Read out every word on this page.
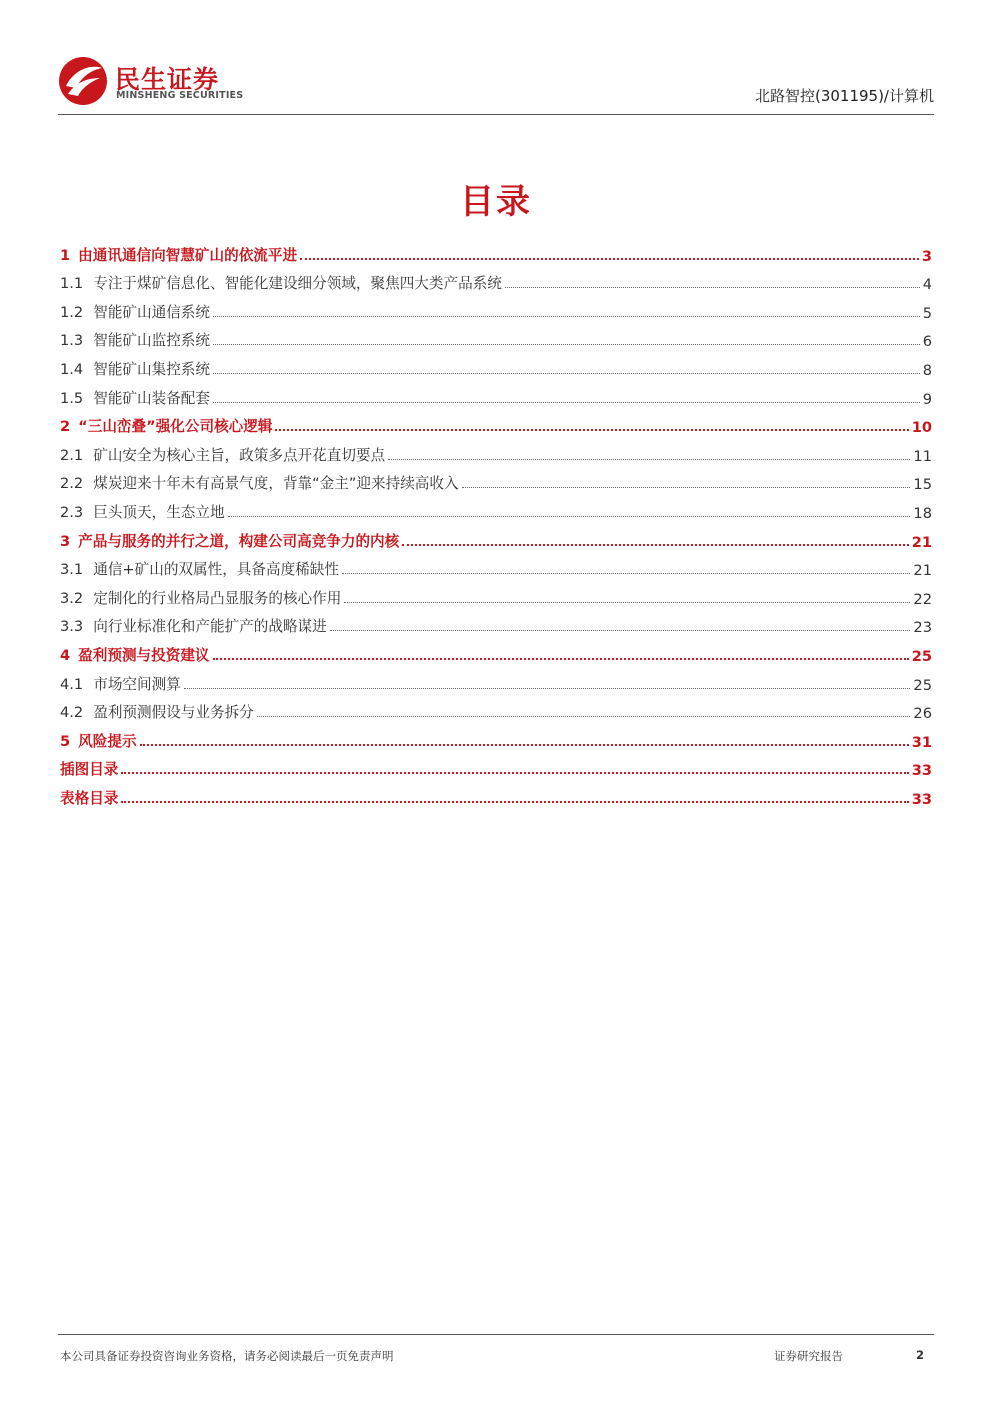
民生证券
MINSHENG SECURITIES	北路智控(301195)/计算机
目录
1 由通讯通信向智慧矿山的依流平进	3
1.1 专注于煤矿信息化、智能化建设细分领域，聚焦四大类产品系统	4
1.2 智能矿山通信系统	5
1.3 智能矿山监控系统	6
1.4 智能矿山集控系统	8
1.5 智能矿山装备配套	9
2 “三山峦叠”强化公司核心逻辑	10
2.1 矿山安全为核心主旨，政策多点开花直切要点	11
2.2 煤炭迎来十年未有高景气度，背靠“金主”迎来持续高收入	15
2.3 巨头顶天，生态立地	18
3 产品与服务的并行之道，构建公司高竞争力的内核	21
3.1 通信+矿山的双属性，具备高度稀缺性	21
3.2 定制化的行业格局凸显服务的核心作用	22
3.3 向行业标准化和产能扩产的战略谋进	23
4 盈利预测与投资建议	25
4.1 市场空间测算	25
4.2 盈利预测假设与业务拆分	26
5 风险提示	31
插图目录	33
表格目录	33
本公司具备证券投资咨询业务资格，请务必阅读最后一页免责声明	证券研究报告	2
